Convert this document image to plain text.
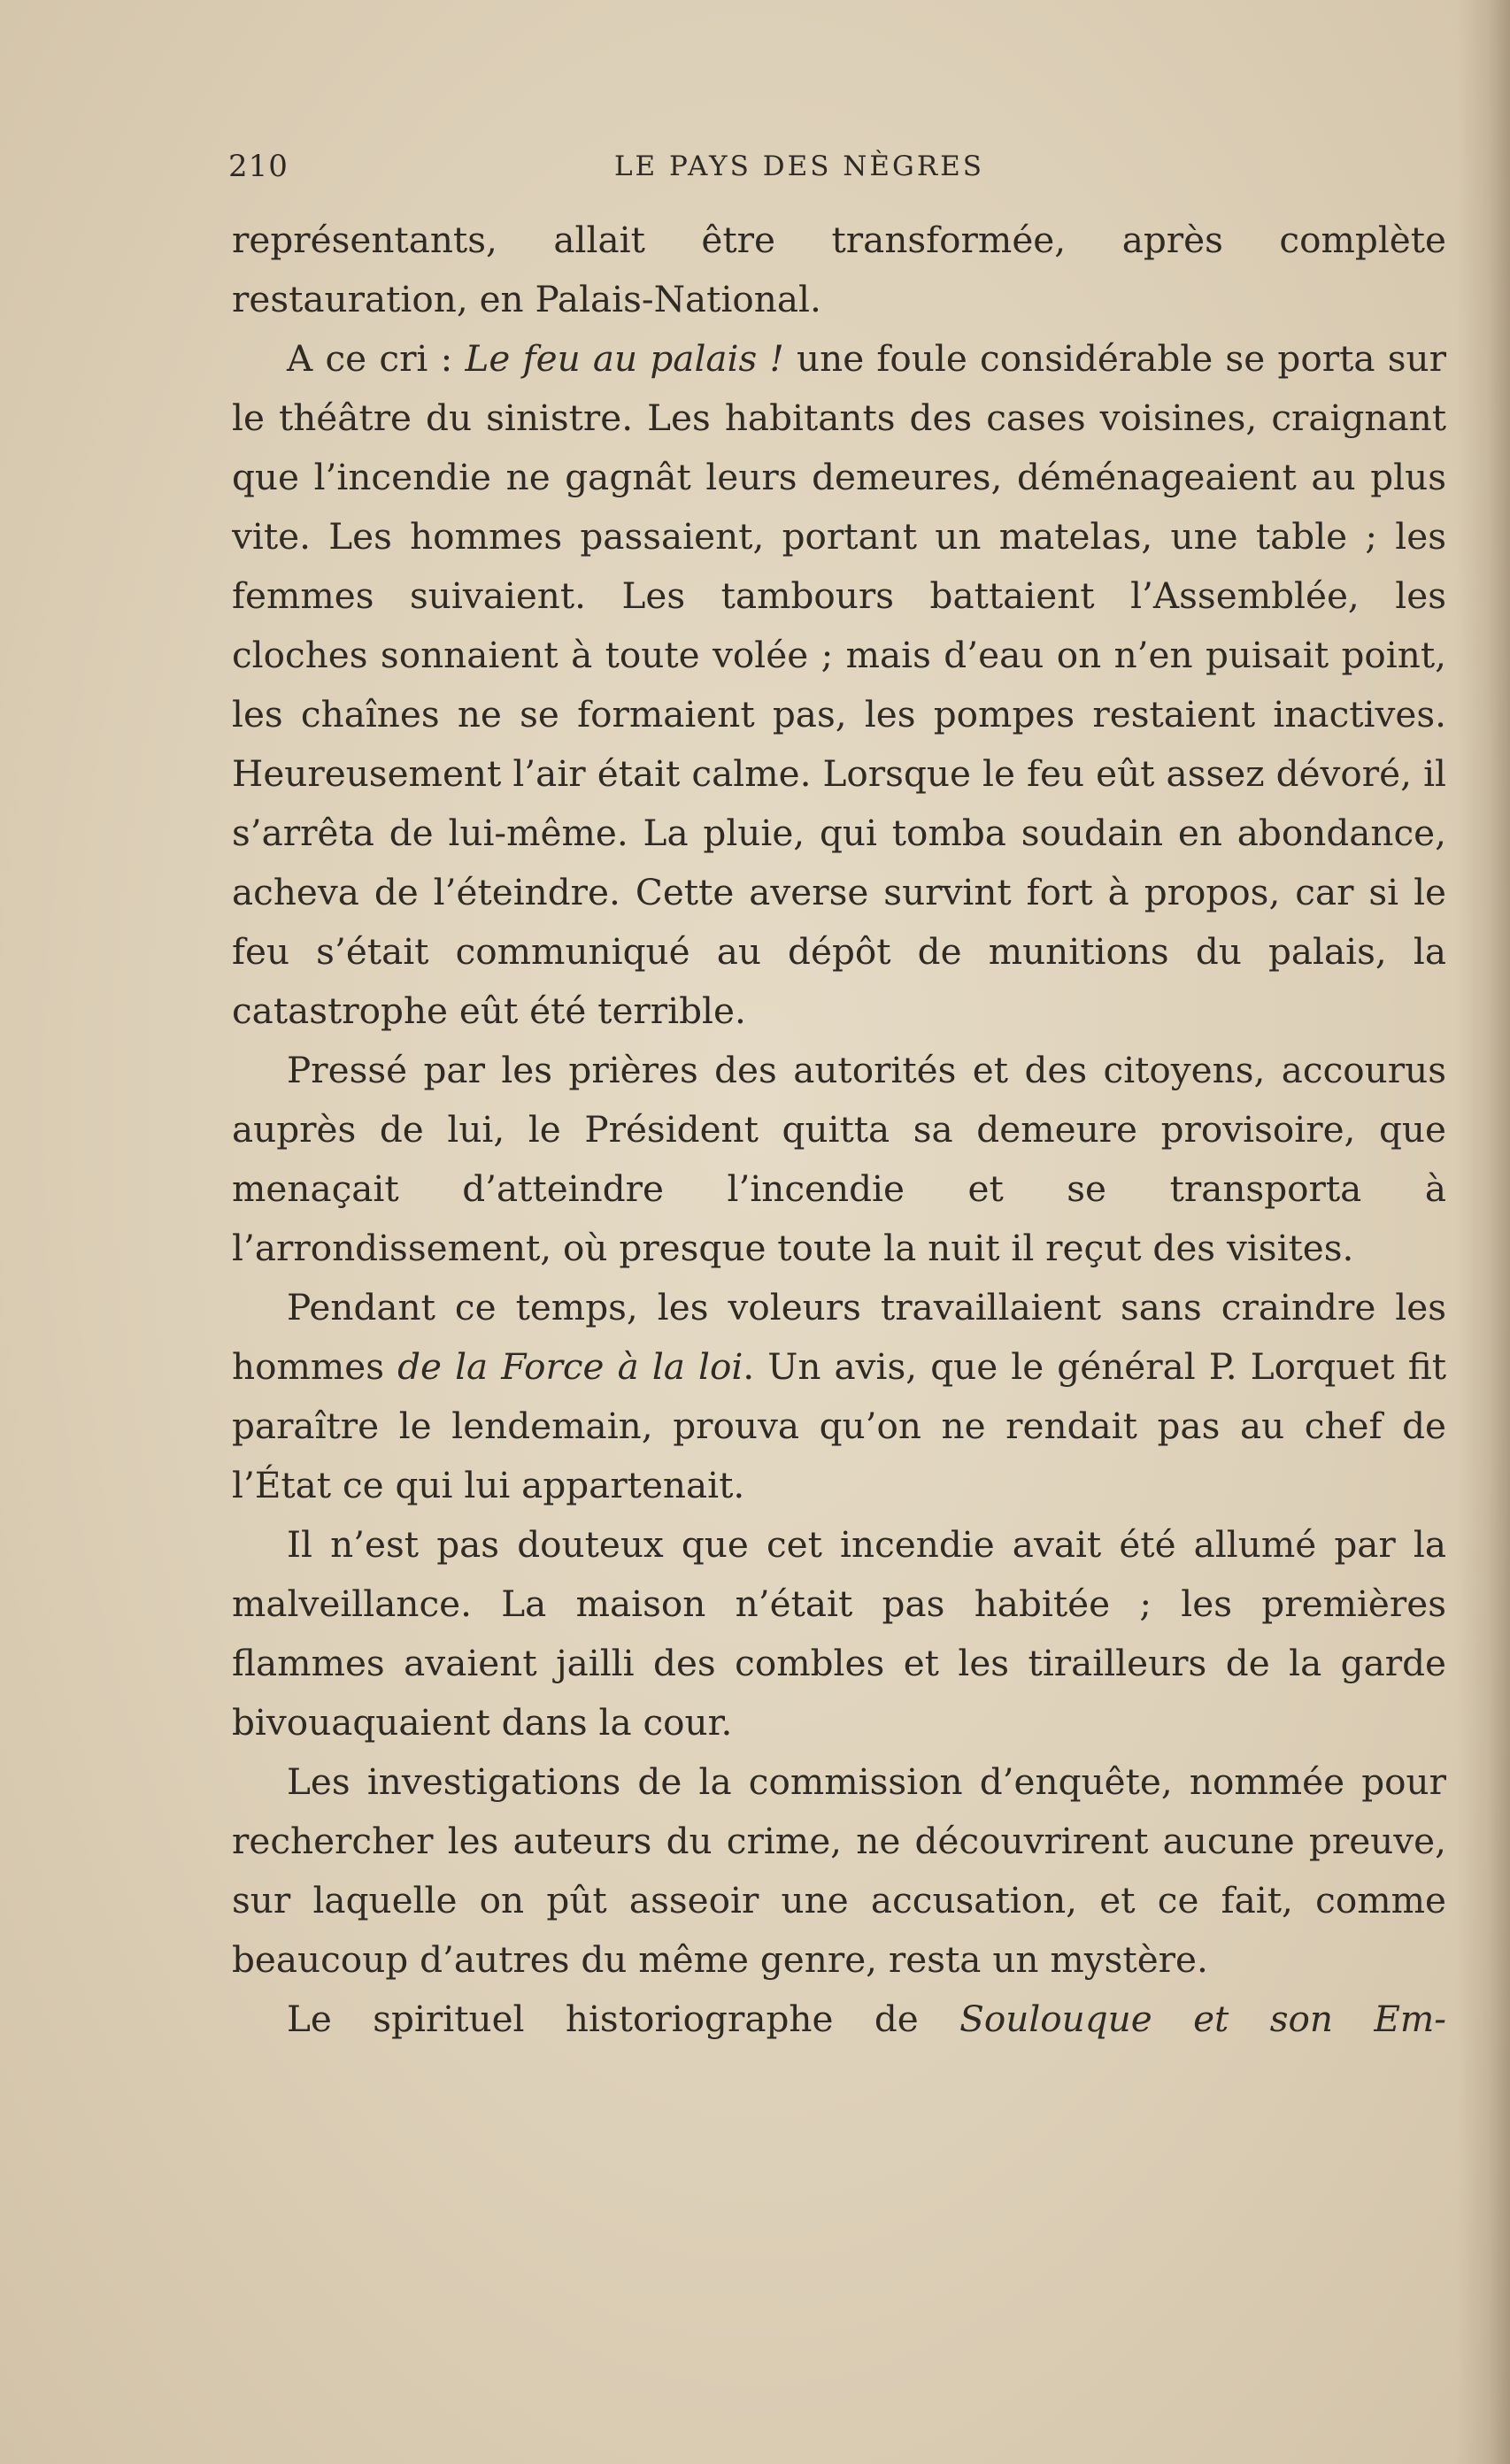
210	LE PAYS DES NÈGRES

représentants, allait être transformée, après complète restauration, en Palais-National.

A ce cri : Le feu au palais ! une foule considérable se porta sur le théâtre du sinistre. Les habitants des cases voisines, craignant que l’incendie ne gagnât leurs demeures, déménageaient au plus vite. Les hommes passaient, portant un matelas, une table ; les femmes suivaient. Les tambours battaient l’Assemblée, les cloches sonnaient à toute volée ; mais d’eau on n’en puisait point, les chaînes ne se formaient pas, les pompes restaient inactives. Heureusement l’air était calme. Lorsque le feu eût assez dévoré, il s’arrêta de lui-même. La pluie, qui tomba soudain en abondance, acheva de l’éteindre. Cette averse survint fort à propos, car si le feu s’était communiqué au dépôt de munitions du palais, la catastrophe eût été terrible.

Pressé par les prières des autorités et des citoyens, accourus auprès de lui, le Président quitta sa demeure provisoire, que menaçait d’atteindre l’incendie et se transporta à l’arrondissement, où presque toute la nuit il reçut des visites.

Pendant ce temps, les voleurs travaillaient sans craindre les hommes de la Force à la loi. Un avis, que le général P. Lorquet fit paraître le lendemain, prouva qu’on ne rendait pas au chef de l’État ce qui lui appartenait.

Il n’est pas douteux que cet incendie avait été allumé par la malveillance. La maison n’était pas habitée ; les premières flammes avaient jailli des combles et les tirailleurs de la garde bivouaquaient dans la cour.

Les investigations de la commission d’enquête, nommée pour rechercher les auteurs du crime, ne découvrirent aucune preuve, sur laquelle on pût asseoir une accusation, et ce fait, comme beaucoup d’autres du même genre, resta un mystère.

Le spirituel historiographe de Soulouque et son Em-
